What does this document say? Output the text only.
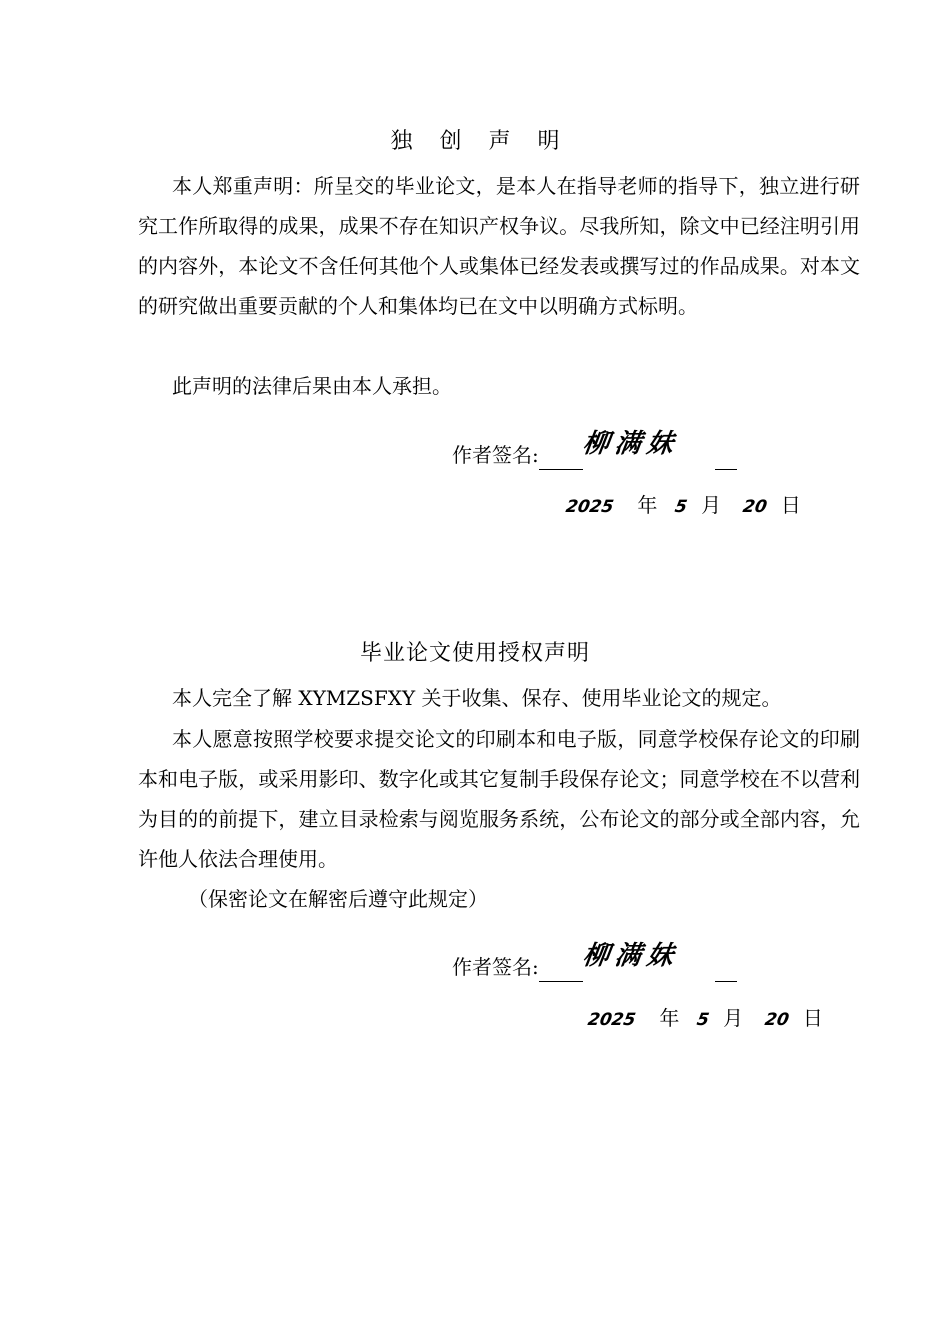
独 创 声 明

本人郑重声明：所呈交的毕业论文，是本人在指导老师的指导下，独立进行研究工作所取得的成果，成果不存在知识产权争议。尽我所知，除文中已经注明引用的内容外，本论文不含任何其他个人或集体已经发表或撰写过的作品成果。对本文的研究做出重要贡献的个人和集体均已在文中以明确方式标明。

此声明的法律后果由本人承担。

作者签名: 柳满妹
2025 年 5 月 20 日
毕业论文使用授权声明

本人完全了解 XYMZSFXY 关于收集、保存、使用毕业论文的规定。

本人愿意按照学校要求提交论文的印刷本和电子版，同意学校保存论文的印刷本和电子版，或采用影印、数字化或其它复制手段保存论文；同意学校在不以营利为目的的前提下，建立目录检索与阅览服务系统，公布论文的部分或全部内容，允许他人依法合理使用。

（保密论文在解密后遵守此规定）

作者签名: 柳满妹
2025 年 5 月 20 日
